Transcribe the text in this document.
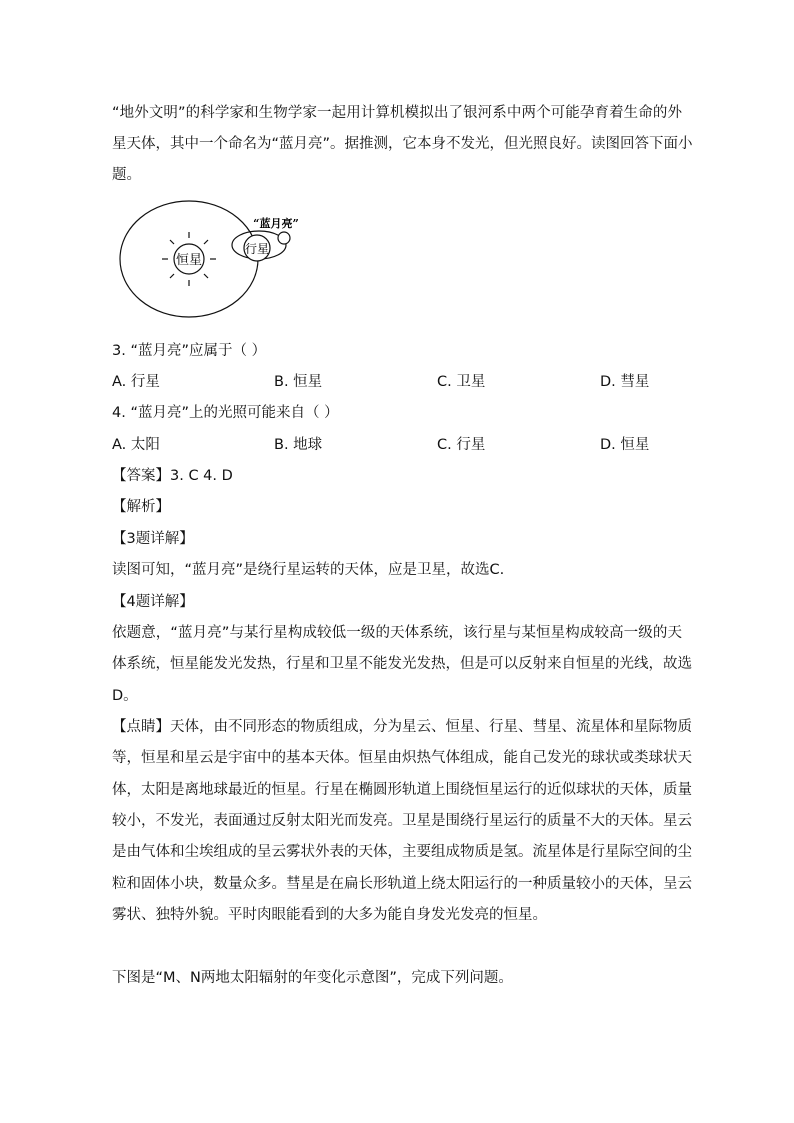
“地外文明”的科学家和生物学家一起用计算机模拟出了银河系中两个可能孕育着生命的外
星天体，其中一个命名为“蓝月亮”。据推测，它本身不发光，但光照良好。读图回答下面小
题。
恒星
行星
“蓝月亮”
3. “蓝月亮”应属于（ ）
A. 行星	B. 恒星	C. 卫星	D. 彗星
4. “蓝月亮”上的光照可能来自（ ）
A. 太阳	B. 地球	C. 行星	D. 恒星
【答案】3. C 4. D
【解析】
【3题详解】
读图可知，“蓝月亮”是绕行星运转的天体，应是卫星，故选C.
【4题详解】
依题意，“蓝月亮”与某行星构成较低一级的天体系统，该行星与某恒星构成较高一级的天
体系统，恒星能发光发热，行星和卫星不能发光发热，但是可以反射来自恒星的光线，故选
D。
【点睛】天体，由不同形态的物质组成，分为星云、恒星、行星、彗星、流星体和星际物质
等，恒星和星云是宇宙中的基本天体。恒星由炽热气体组成，能自己发光的球状或类球状天
体，太阳是离地球最近的恒星。行星在椭圆形轨道上围绕恒星运行的近似球状的天体，质量
较小，不发光，表面通过反射太阳光而发亮。卫星是围绕行星运行的质量不大的天体。星云
是由气体和尘埃组成的呈云雾状外表的天体，主要组成物质是氢。流星体是行星际空间的尘
粒和固体小块，数量众多。彗星是在扁长形轨道上绕太阳运行的一种质量较小的天体，呈云
雾状、独特外貌。平时肉眼能看到的大多为能自身发光发亮的恒星。
下图是“M、N两地太阳辐射的年变化示意图”，完成下列问题。
